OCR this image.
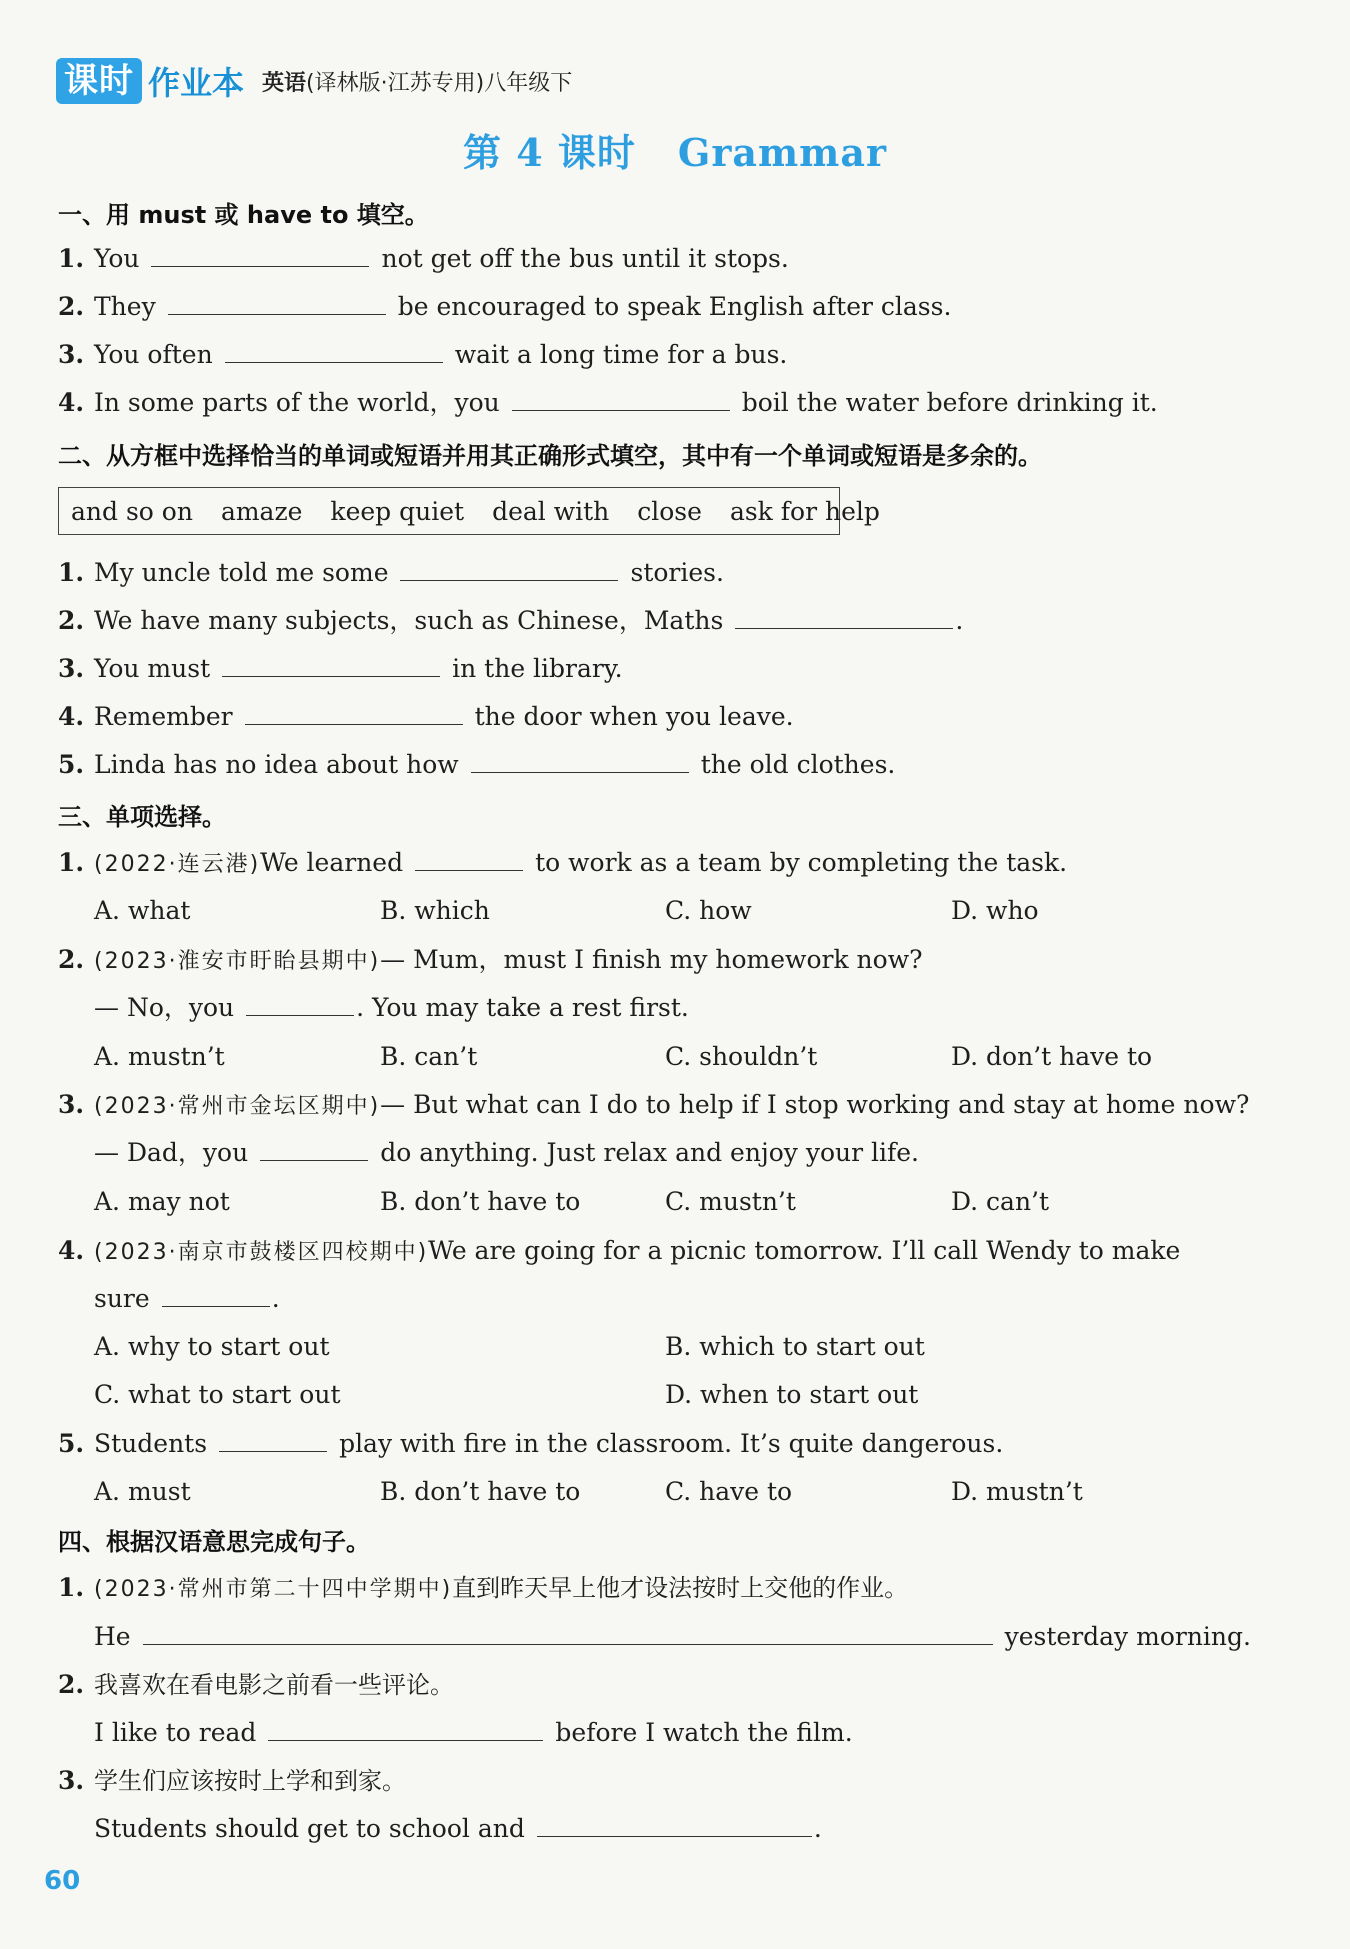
课时 作业本 英语(译林版·江苏专用)八年级下
第 4 课时 Grammar
一、用 must 或 have to 填空。
1. You	not get off the bus until it stops.
2. They	be encouraged to speak English after class.
3. You often	wait a long time for a bus.
4. In some parts of the world，you	boil the water before drinking it.
二、从方框中选择恰当的单词或短语并用其正确形式填空，其中有一个单词或短语是多余的。
and so on amaze keep quiet deal with close ask for help
1. My uncle told me some	stories.
2. We have many subjects，such as Chinese，Maths	.
3. You must	in the library.
4. Remember	the door when you leave.
5. Linda has no idea about how	the old clothes.
三、单项选择。
1. (2022·连云港)We learned	to work as a team by completing the task.
A. what	B. which	C. how	D. who
2. (2023·淮安市盱眙县期中)— Mum，must I finish my homework now?
— No，you	. You may take a rest first.
A. mustn’t	B. can’t	C. shouldn’t	D. don’t have to
3. (2023·常州市金坛区期中)— But what can I do to help if I stop working and stay at home now?
— Dad，you	do anything. Just relax and enjoy your life.
A. may not	B. don’t have to	C. mustn’t	D. can’t
4. (2023·南京市鼓楼区四校期中)We are going for a picnic tomorrow. I’ll call Wendy to make
sure	.
A. why to start out	B. which to start out
C. what to start out	D. when to start out
5. Students	play with fire in the classroom. It’s quite dangerous.
A. must	B. don’t have to	C. have to	D. mustn’t
四、根据汉语意思完成句子。
1. (2023·常州市第二十四中学期中)直到昨天早上他才设法按时上交他的作业。
He	yesterday morning.
2. 我喜欢在看电影之前看一些评论。
I like to read	before I watch the film.
3. 学生们应该按时上学和到家。
Students should get to school and	.
60
